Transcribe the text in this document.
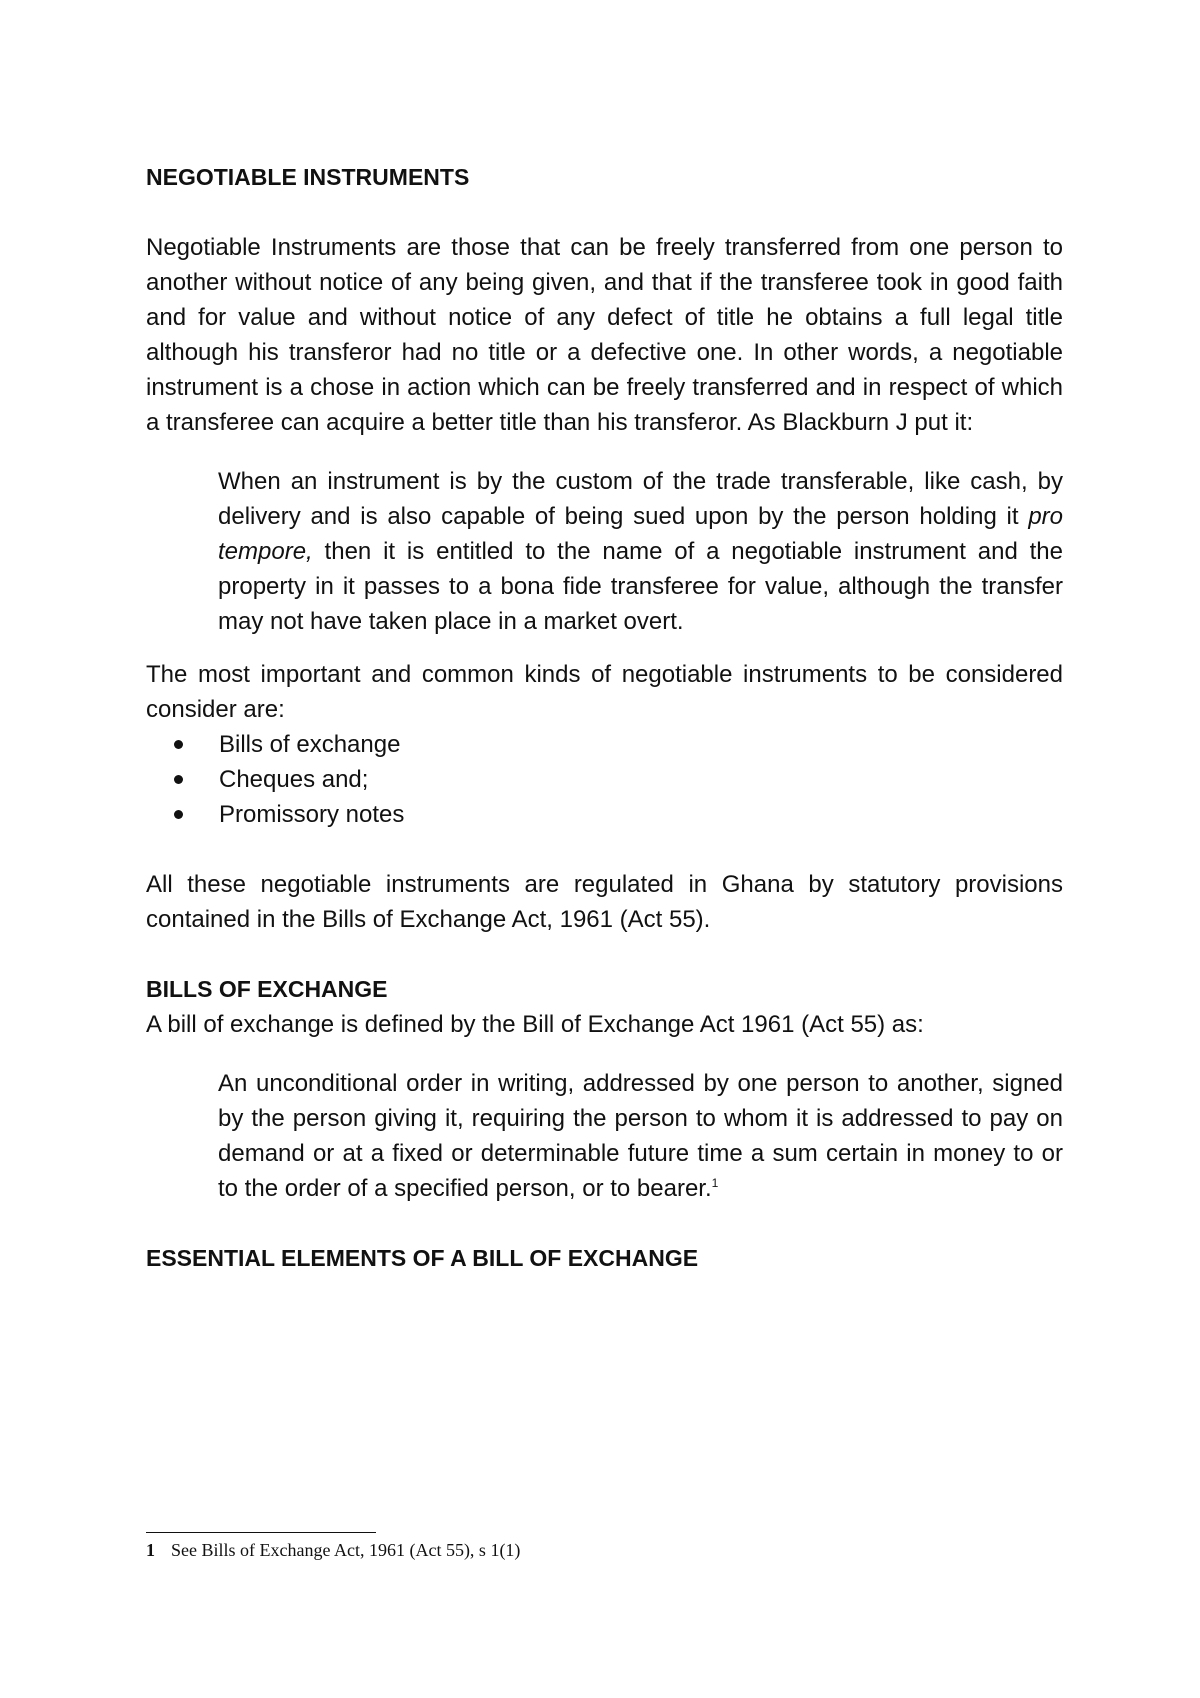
NEGOTIABLE INSTRUMENTS

Negotiable Instruments are those that can be freely transferred from one person to another without notice of any being given, and that if the transferee took in good faith and for value and without notice of any defect of title he obtains a full legal title although his transferor had no title or a defective one. In other words, a negotiable instrument is a chose in action which can be freely transferred and in respect of which a transferee can acquire a better title than his transferor. As Blackburn J put it:

When an instrument is by the custom of the trade transferable, like cash, by delivery and is also capable of being sued upon by the person holding it pro tempore, then it is entitled to the name of a negotiable instrument and the property in it passes to a bona fide transferee for value, although the transfer may not have taken place in a market overt.

The most important and common kinds of negotiable instruments to be considered consider are:

Bills of exchange
Cheques and;
Promissory notes

All these negotiable instruments are regulated in Ghana by statutory provisions contained in the Bills of Exchange Act, 1961 (Act 55).

BILLS OF EXCHANGE

A bill of exchange is defined by the Bill of Exchange Act 1961 (Act 55) as:

An unconditional order in writing, addressed by one person to another, signed by the person giving it, requiring the person to whom it is addressed to pay on demand or at a fixed or determinable future time a sum certain in money to or to the order of a specified person, or to bearer.$^1$

ESSENTIAL ELEMENTS OF A BILL OF EXCHANGE

1 See Bills of Exchange Act, 1961 (Act 55), s 1(1)
